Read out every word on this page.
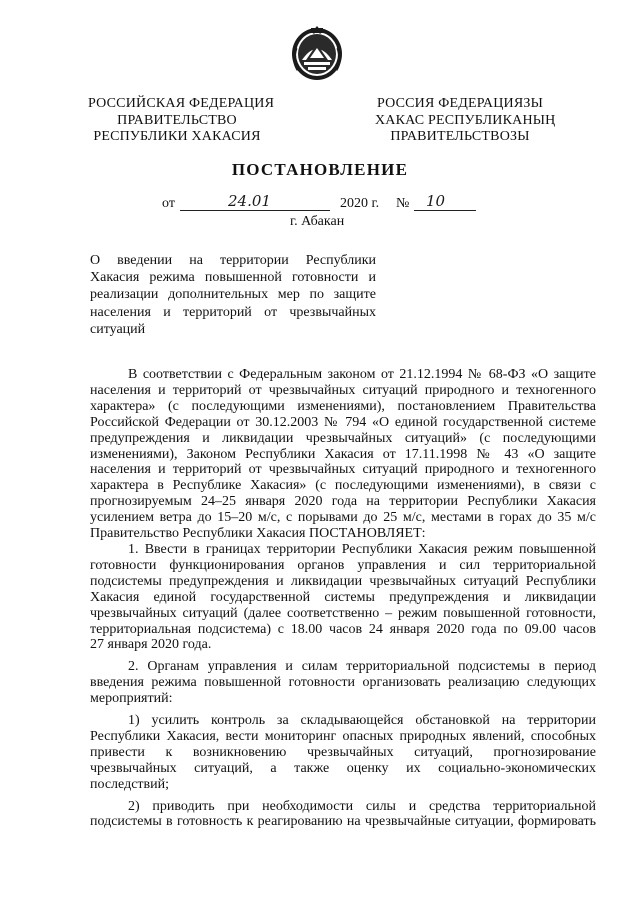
РОССИЙСКАЯ ФЕДЕРАЦИЯ
ПРАВИТЕЛЬСТВО
РЕСПУБЛИКИ ХАКАСИЯ
РОССИЯ ФЕДЕРАЦИЯЗЫ
ХАКАС РЕСПУБЛИКАНЫҢ
ПРАВИТЕЛЬСТВОЗЫ
ПОСТАНОВЛЕНИЕ
от	24.01	2020 г. № 10
г. Абакан
О введении на территории Республики
Хакасия режима повышенной готовности и
реализации дополнительных мер по защите
населения и территорий от чрезвычайных
ситуаций
В соответствии с Федеральным законом от 21.12.1994 № 68-ФЗ «О защите
населения и территорий от чрезвычайных ситуаций природного и техногенного
характера» (с последующими изменениями), постановлением Правительства
Российской Федерации от 30.12.2003 № 794 «О единой государственной системе
предупреждения и ликвидации чрезвычайных ситуаций» (с последующими
изменениями), Законом Республики Хакасия от 17.11.1998 № 43 «О защите
населения и территорий от чрезвычайных ситуаций природного и техногенного
характера в Республике Хакасия» (с последующими изменениями), в связи с
прогнозируемым 24–25 января 2020 года на территории Республики Хакасия
усилением ветра до 15–20 м/с, с порывами до 25 м/с, местами в горах до 35 м/с
Правительство Республики Хакасия ПОСТАНОВЛЯЕТ:
1. Ввести в границах территории Республики Хакасия режим повышенной
готовности функционирования органов управления и сил территориальной
подсистемы предупреждения и ликвидации чрезвычайных ситуаций Республики
Хакасия единой государственной системы предупреждения и ликвидации
чрезвычайных ситуаций (далее соответственно – режим повышенной готовности,
территориальная подсистема) с 18.00 часов 24 января 2020 года по 09.00 часов
27 января 2020 года.
2. Органам управления и силам территориальной подсистемы в период
введения режима повышенной готовности организовать реализацию следующих
мероприятий:
1) усилить контроль за складывающейся обстановкой на территории
Республики Хакасия, вести мониторинг опасных природных явлений, способных
привести к возникновению чрезвычайных ситуаций, прогнозирование
чрезвычайных ситуаций, а также оценку их социально-экономических
последствий;
2) приводить при необходимости силы и средства территориальной
подсистемы в готовность к реагированию на чрезвычайные ситуации, формировать
